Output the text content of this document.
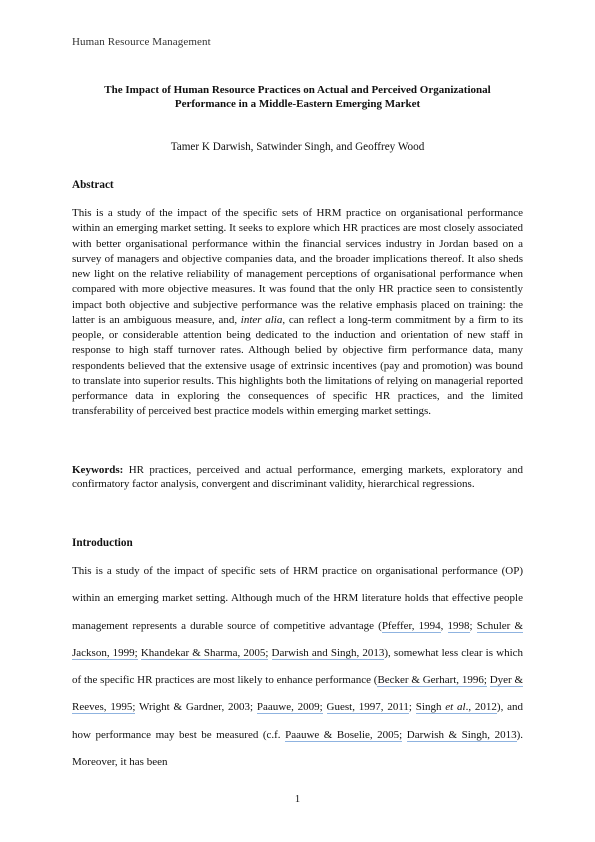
Human Resource Management
The Impact of Human Resource Practices on Actual and Perceived Organizational
Performance in a Middle-Eastern Emerging Market
Tamer K Darwish, Satwinder Singh, and Geoffrey Wood
Abstract

This is a study of the impact of the specific sets of HRM practice on organisational performance within an emerging market setting. It seeks to explore which HR practices are most closely associated with better organisational performance within the financial services industry in Jordan based on a survey of managers and objective companies data, and the broader implications thereof. It also sheds new light on the relative reliability of management perceptions of organisational performance when compared with more objective measures. It was found that the only HR practice seen to consistently impact both objective and subjective performance was the relative emphasis placed on training: the latter is an ambiguous measure, and, inter alia, can reflect a long-term commitment by a firm to its people, or considerable attention being dedicated to the induction and orientation of new staff in response to high staff turnover rates. Although belied by objective firm performance data, many respondents believed that the extensive usage of extrinsic incentives (pay and promotion) was bound to translate into superior results. This highlights both the limitations of relying on managerial reported performance data in exploring the consequences of specific HR practices, and the limited transferability of perceived best practice models within emerging market settings.

Keywords: HR practices, perceived and actual performance, emerging markets, exploratory and confirmatory factor analysis, convergent and discriminant validity, hierarchical regressions.

Introduction

This is a study of the impact of specific sets of HRM practice on organisational performance (OP) within an emerging market setting. Although much of the HRM literature holds that effective people management represents a durable source of competitive advantage (Pfeffer, 1994, 1998; Schuler & Jackson, 1999; Khandekar & Sharma, 2005; Darwish and Singh, 2013), somewhat less clear is which of the specific HR practices are most likely to enhance performance (Becker & Gerhart, 1996; Dyer & Reeves, 1995; Wright & Gardner, 2003; Paauwe, 2009; Guest, 1997, 2011; Singh et al., 2012), and how performance may best be measured (c.f. Paauwe & Boselie, 2005; Darwish & Singh, 2013). Moreover, it has been

1
